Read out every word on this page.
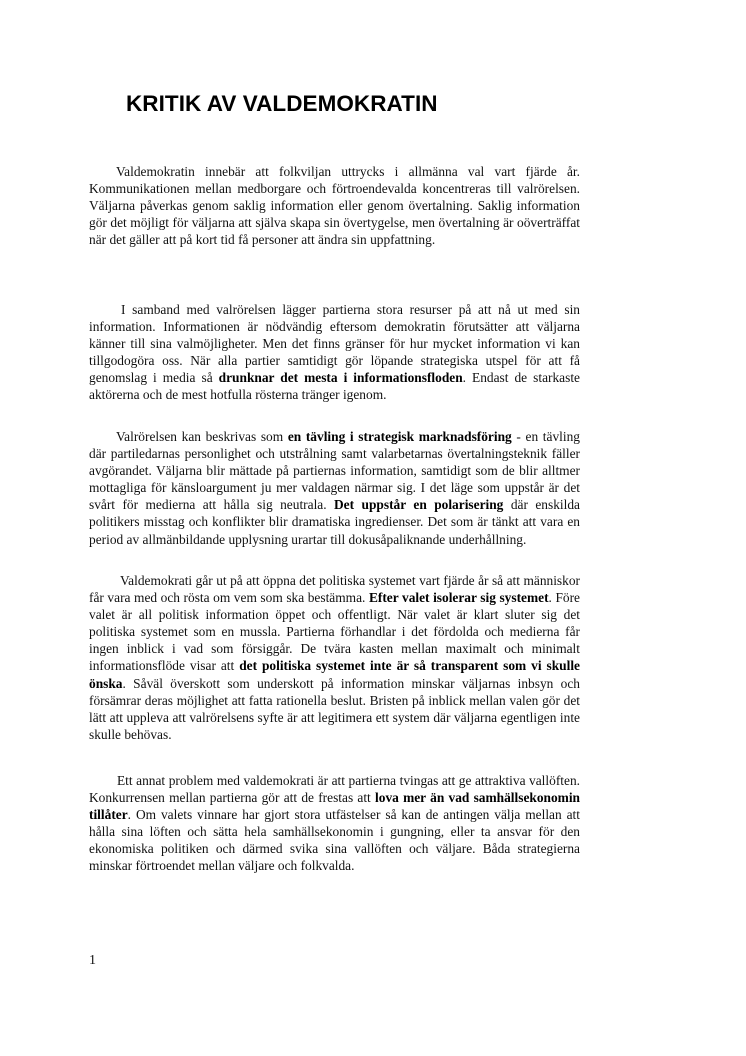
KRITIK AV VALDEMOKRATIN

Valdemokratin innebär att folkviljan uttrycks i allmänna val vart fjärde år. Kommunikationen mellan medborgare och förtroendevalda koncentreras till valrörelsen. Väljarna påverkas genom saklig information eller genom övertalning. Saklig information gör det möjligt för väljarna att själva skapa sin övertygelse, men övertalning är oöverträffat när det gäller att på kort tid få personer att ändra sin uppfattning.

I samband med valrörelsen lägger partierna stora resurser på att nå ut med sin information. Informationen är nödvändig eftersom demokratin förutsätter att väljarna känner till sina valmöjligheter. Men det finns gränser för hur mycket information vi kan tillgodogöra oss. När alla partier samtidigt gör löpande strategiska utspel för att få genomslag i media så drunknar det mesta i informationsfloden. Endast de starkaste aktörerna och de mest hotfulla rösterna tränger igenom.

Valrörelsen kan beskrivas som en tävling i strategisk marknadsföring - en tävling där partiledarnas personlighet och utstrålning samt valarbetarnas övertalningsteknik fäller avgörandet. Väljarna blir mättade på partiernas information, samtidigt som de blir alltmer mottagliga för känsloargument ju mer valdagen närmar sig. I det läge som uppstår är det svårt för medierna att hålla sig neutrala. Det uppstår en polarisering där enskilda politikers misstag och konflikter blir dramatiska ingredienser. Det som är tänkt att vara en period av allmänbildande upplysning urartar till dokusåpaliknande underhållning.

Valdemokrati går ut på att öppna det politiska systemet vart fjärde år så att människor får vara med och rösta om vem som ska bestämma. Efter valet isolerar sig systemet. Före valet är all politisk information öppet och offentligt. När valet är klart sluter sig det politiska systemet som en mussla. Partierna förhandlar i det fördolda och medierna får ingen inblick i vad som försiggår. De tvära kasten mellan maximalt och minimalt informationsflöde visar att det politiska systemet inte är så transparent som vi skulle önska. Såväl överskott som underskott på information minskar väljarnas inbsyn och försämrar deras möjlighet att fatta rationella beslut. Bristen på inblick mellan valen gör det lätt att uppleva att valrörelsens syfte är att legitimera ett system där väljarna egentligen inte skulle behövas.

Ett annat problem med valdemokrati är att partierna tvingas att ge attraktiva vallöften. Konkurrensen mellan partierna gör att de frestas att lova mer än vad samhällsekonomin tillåter. Om valets vinnare har gjort stora utfästelser så kan de antingen välja mellan att hålla sina löften och sätta hela samhällsekonomin i gungning, eller ta ansvar för den ekonomiska politiken och därmed svika sina vallöften och väljare. Båda strategierna minskar förtroendet mellan väljare och folkvalda.

1
